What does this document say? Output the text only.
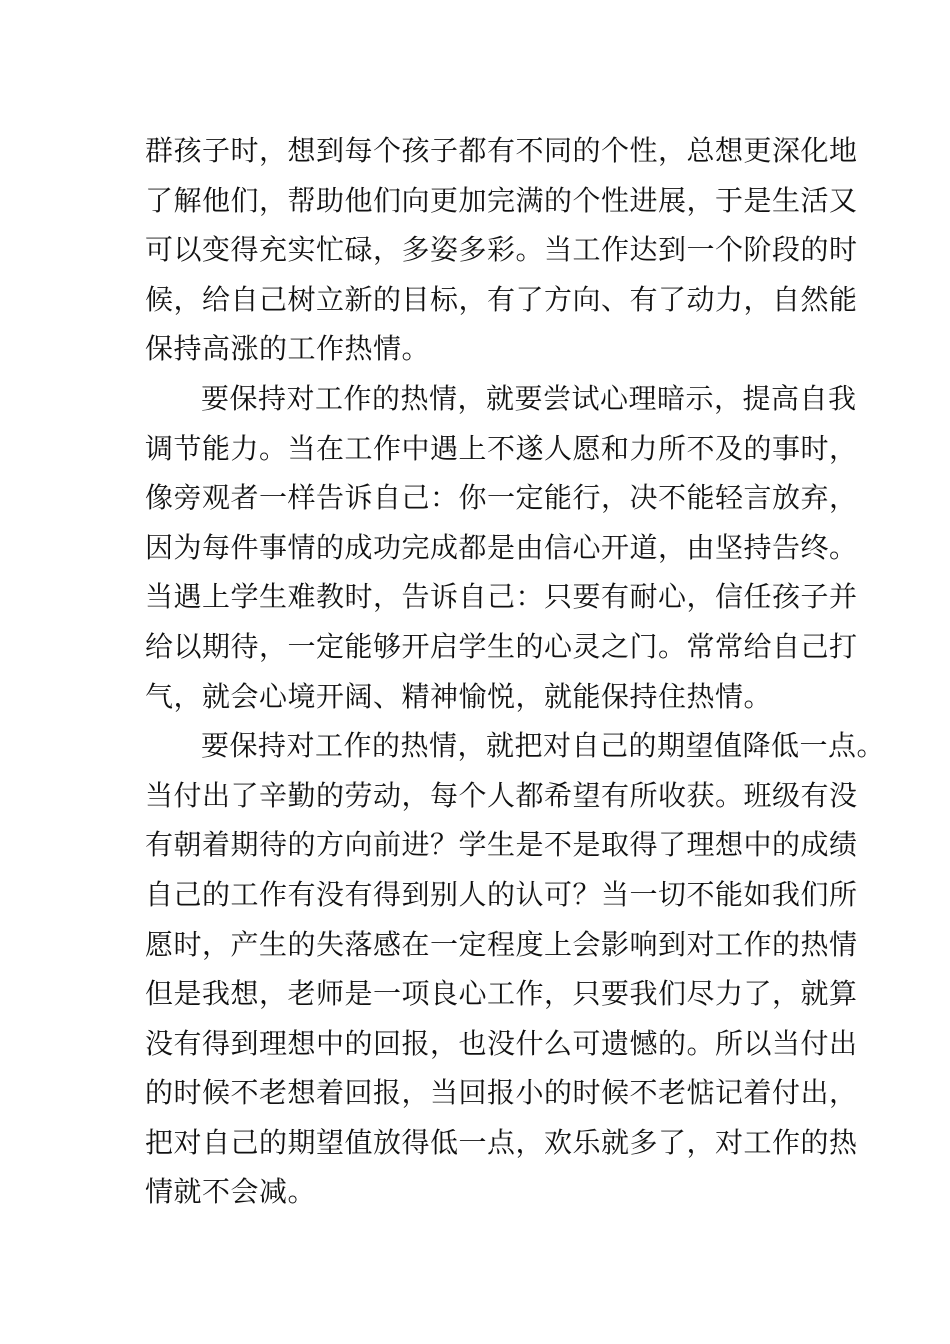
群孩子时，想到每个孩子都有不同的个性，总想更深化地
了解他们，帮助他们向更加完满的个性进展，于是生活又
可以变得充实忙碌，多姿多彩。当工作达到一个阶段的时
候，给自己树立新的目标，有了方向、有了动力，自然能
保持高涨的工作热情。
要保持对工作的热情，就要尝试心理暗示，提高自我
调节能力。当在工作中遇上不遂人愿和力所不及的事时，
像旁观者一样告诉自己：你一定能行，决不能轻言放弃，
因为每件事情的成功完成都是由信心开道，由坚持告终。
当遇上学生难教时，告诉自己：只要有耐心，信任孩子并
给以期待，一定能够开启学生的心灵之门。常常给自己打
气，就会心境开阔、精神愉悦，就能保持住热情。
要保持对工作的热情，就把对自己的期望值降低一点。
当付出了辛勤的劳动，每个人都希望有所收获。班级有没
有朝着期待的方向前进？学生是不是取得了理想中的成绩
自己的工作有没有得到别人的认可？当一切不能如我们所
愿时，产生的失落感在一定程度上会影响到对工作的热情
但是我想，老师是一项良心工作，只要我们尽力了，就算
没有得到理想中的回报，也没什么可遗憾的。所以当付出
的时候不老想着回报，当回报小的时候不老惦记着付出，
把对自己的期望值放得低一点，欢乐就多了，对工作的热
情就不会减。
